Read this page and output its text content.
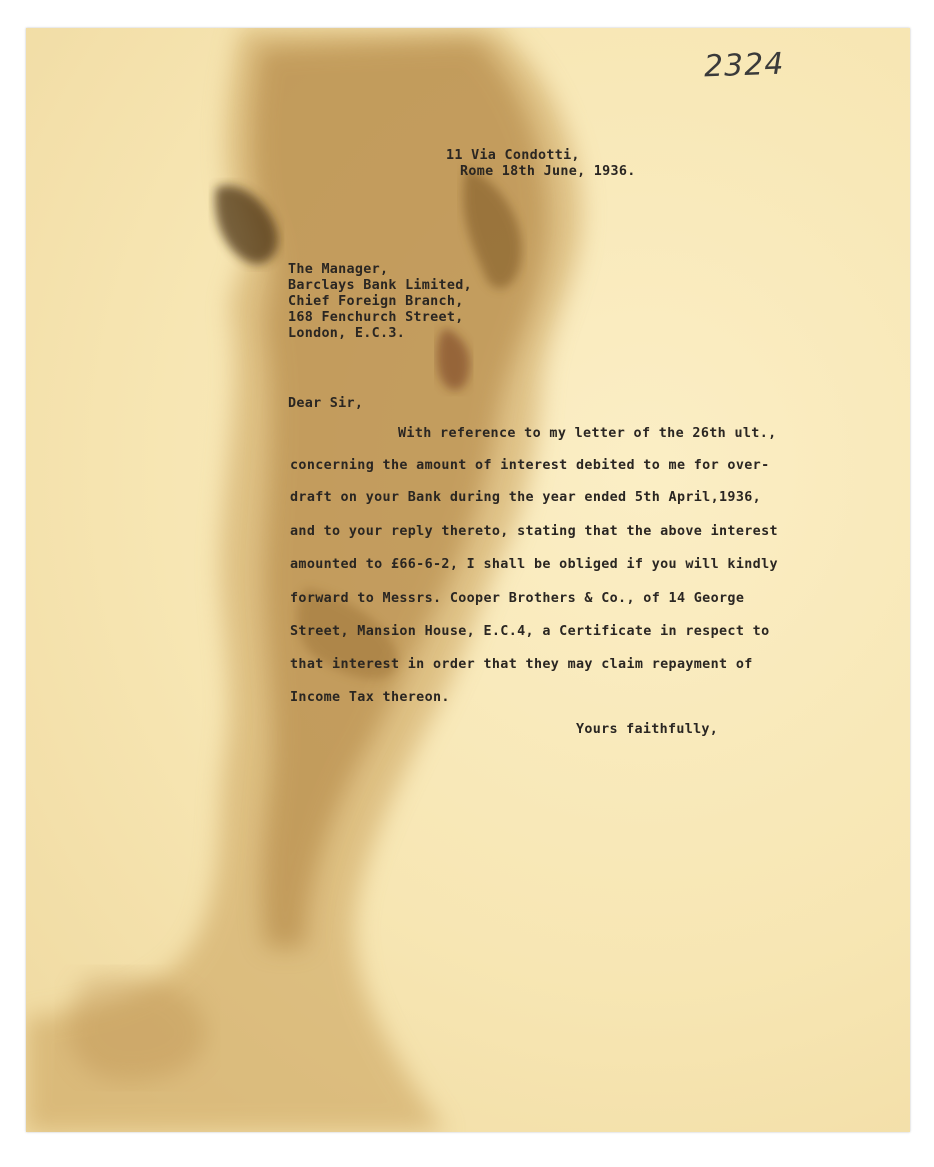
2324
11 Via Condotti,
Rome 18th June, 1936.
The Manager,
Barclays Bank Limited,
Chief Foreign Branch,
168 Fenchurch Street,
London, E.C.3.
Dear Sir,
With reference to my letter of the 26th ult.,
concerning the amount of interest debited to me for over-
draft on your Bank during the year ended 5th April,1936,
and to your reply thereto, stating that the above interest
amounted to £66-6-2, I shall be obliged if you will kindly
forward to Messrs. Cooper Brothers & Co., of 14 George
Street, Mansion House, E.C.4, a Certificate in respect to
that interest in order that they may claim repayment of
Income Tax thereon.
Yours faithfully,
